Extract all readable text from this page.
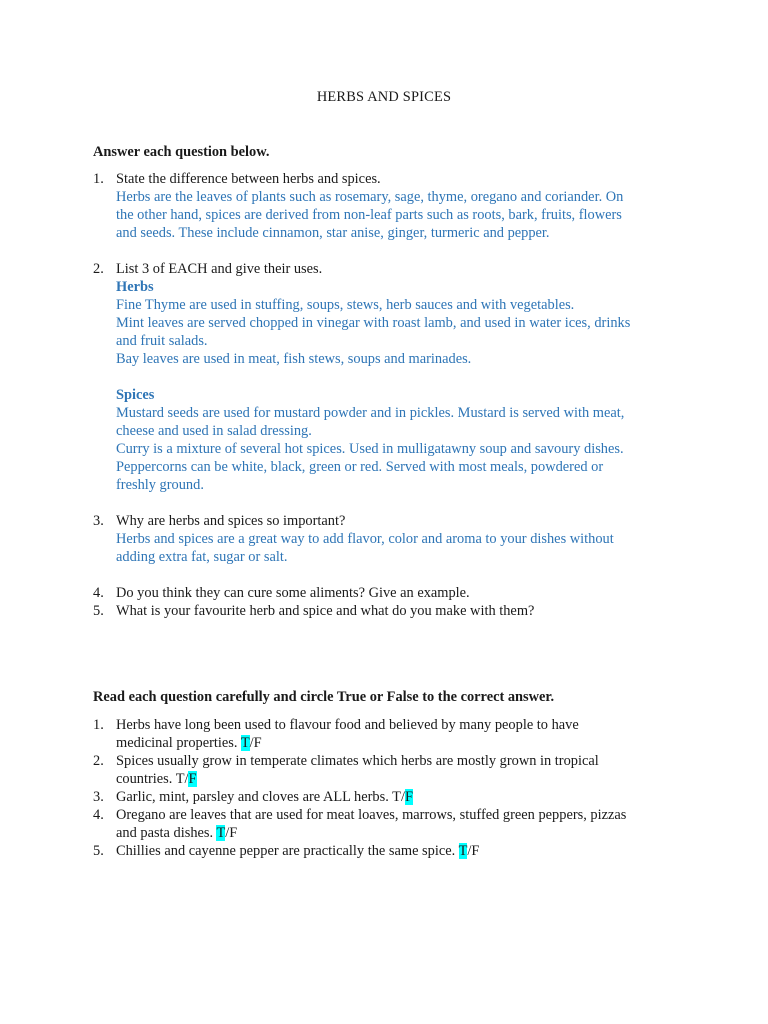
HERBS AND SPICES
Answer each question below.
1. State the difference between herbs and spices.
Herbs are the leaves of plants such as rosemary, sage, thyme, oregano and coriander. On
the other hand, spices are derived from non-leaf parts such as roots, bark, fruits, flowers
and seeds. These include cinnamon, star anise, ginger, turmeric and pepper.
2. List 3 of EACH and give their uses.
Herbs
Fine Thyme are used in stuffing, soups, stews, herb sauces and with vegetables.
Mint leaves are served chopped in vinegar with roast lamb, and used in water ices, drinks
and fruit salads.
Bay leaves are used in meat, fish stews, soups and marinades.
Spices
Mustard seeds are used for mustard powder and in pickles. Mustard is served with meat,
cheese and used in salad dressing.
Curry is a mixture of several hot spices. Used in mulligatawny soup and savoury dishes.
Peppercorns can be white, black, green or red. Served with most meals, powdered or
freshly ground.
3. Why are herbs and spices so important?
Herbs and spices are a great way to add flavor, color and aroma to your dishes without
adding extra fat, sugar or salt.
4. Do you think they can cure some aliments? Give an example.
5. What is your favourite herb and spice and what do you make with them?
Read each question carefully and circle True or False to the correct answer.
1. Herbs have long been used to flavour food and believed by many people to have
medicinal properties. T/F
2. Spices usually grow in temperate climates which herbs are mostly grown in tropical
countries. T/F
3. Garlic, mint, parsley and cloves are ALL herbs. T/F
4. Oregano are leaves that are used for meat loaves, marrows, stuffed green peppers, pizzas
and pasta dishes. T/F
5. Chillies and cayenne pepper are practically the same spice. T/F
